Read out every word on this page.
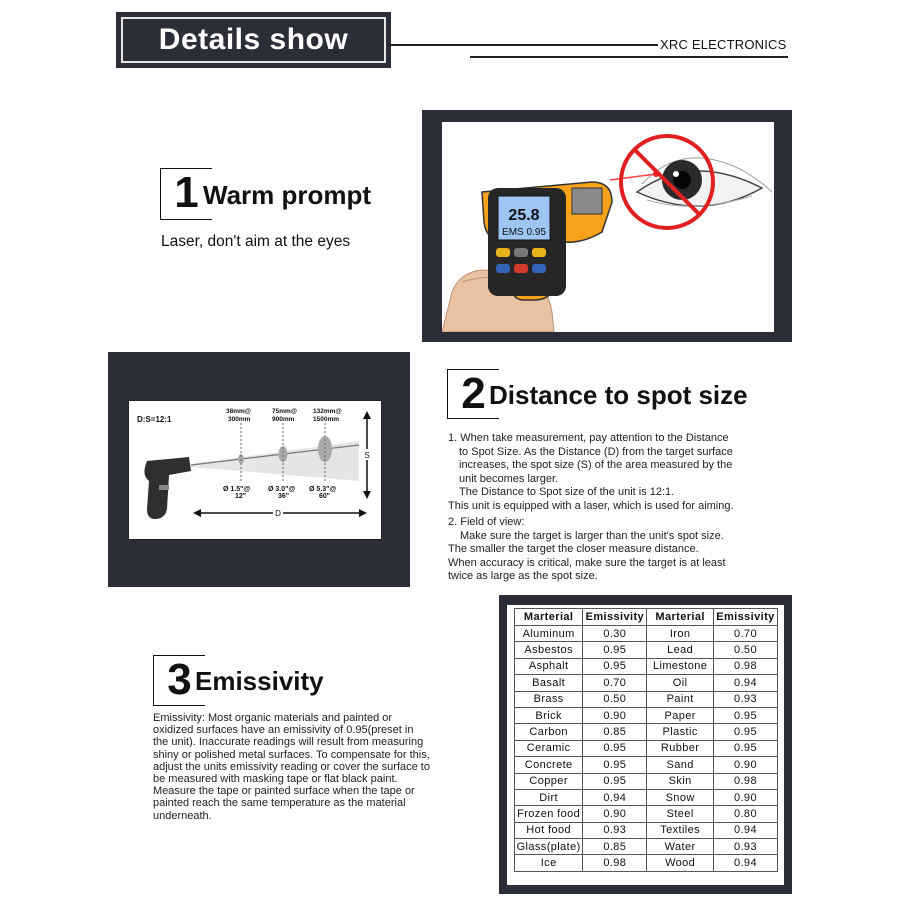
Details show	XRC ELECTRONICS
1 Warm prompt
Laser, don't aim at the eyes
25.8
EMS 0.95
D:S=12:1
38mm@
300mm
75mm@
900mm
132mm@
1500mm
Ø 1.5"@
12"
Ø 3.0"@
36"
Ø 5.3"@
60"
D
S
2 Distance to spot size
1. When take measurement, pay attention to the Distance
to Spot Size. As the Distance (D) from the target surface
increases, the spot size (S) of the area measured by the
unit becomes larger.
The Distance to Spot size of the unit is 12:1.
This unit is equipped with a laser, which is used for aiming.
2. Field of view:
Make sure the target is larger than the unit's spot size.
The smaller the target the closer measure distance.
When accuracy is critical, make sure the target is at least
twice as large as the spot size.
3 Emissivity
Emissivity: Most organic materials and painted or
oxidized surfaces have an emissivity of 0.95(preset in
the unit). Inaccurate readings will result from measuring
shiny or polished metal surfaces. To compensate for this,
adjust the units emissivity reading or cover the surface to
be measured with masking tape or flat black paint.
Measure the tape or painted surface when the tape or
painted reach the same temperature as the material
underneath.
Marterial	Emissivity	Marterial	Emissivity
Aluminum	0.30	Iron	0.70
Asbestos	0.95	Lead	0.50
Asphalt	0.95	Limestone	0.98
Basalt	0.70	Oil	0.94
Brass	0.50	Paint	0.93
Brick	0.90	Paper	0.95
Carbon	0.85	Plastic	0.95
Ceramic	0.95	Rubber	0.95
Concrete	0.95	Sand	0.90
Copper	0.95	Skin	0.98
Dirt	0.94	Snow	0.90
Frozen food	0.90	Steel	0.80
Hot food	0.93	Textiles	0.94
Glass(plate)	0.85	Water	0.93
Ice	0.98	Wood	0.94
